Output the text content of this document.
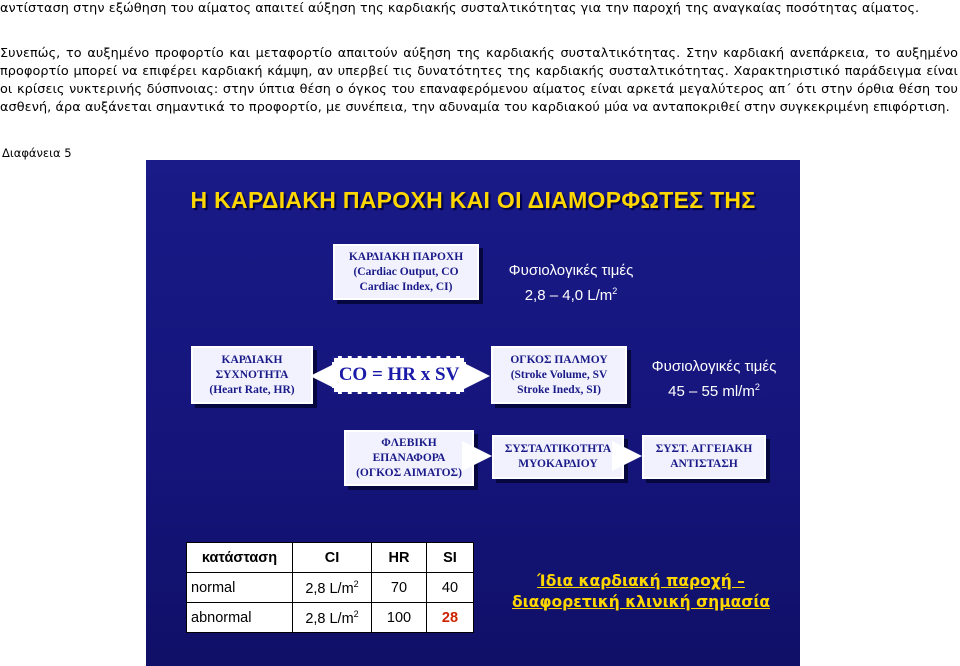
αντίσταση στην εξώθηση του αίματος απαιτεί αύξηση της καρδιακής συσταλτικότητας για την παροχή της αναγκαίας ποσότητας αίματος.

Συνεπώς, το αυξημένο προφορτίο και μεταφορτίο απαιτούν αύξηση της καρδιακής συσταλτικότητας. Στην καρδιακή ανεπάρκεια, το αυξημένο προφορτίο μπορεί να επιφέρει καρδιακή κάμψη, αν υπερβεί τις δυνατότητες της καρδιακής συσταλτικότητας. Χαρακτηριστικό παράδειγμα είναι οι κρίσεις νυκτερινής δύσπνοιας: στην ύπτια θέση ο όγκος του επαναφερόμενου αίματος είναι αρκετά μεγαλύτερος απ΄ ότι στην όρθια θέση του ασθενή, άρα αυξάνεται σημαντικά το προφορτίο, με συνέπεια, την αδυναμία του καρδιακού μύα να ανταποκριθεί στην συγκεκριμένη επιφόρτιση.

Διαφάνεια 5
Η ΚΑΡΔΙΑΚΗ ΠΑΡΟΧΗ ΚΑΙ ΟΙ ΔΙΑΜΟΡΦΩΤΕΣ ΤΗΣ
ΚΑΡΔΙΑΚΗ ΠΑΡΟΧΗ
(Cardiac Output, CO
Cardiac Index, CI)
Φυσιολογικές τιμές
2,8 – 4,0 $L/m^2$
ΚΑΡΔΙΑΚΗ
ΣΥΧΝΟΤΗΤΑ
(Heart Rate, HR)
CO = HR x SV
ΟΓΚΟΣ ΠΑΛΜΟΥ
(Stroke Volume, SV
Stroke Inedx, SI)
Φυσιολογικές τιμές
45 – 55 $ml/m^2$
ΦΛΕΒΙΚΗ
ΕΠΑΝΑΦΟΡΑ
(ΟΓΚΟΣ ΑΙΜΑΤΟΣ)
ΣΥΣΤΑΛΤΙΚΟΤΗΤΑ
ΜΥΟΚΑΡΔΙΟΥ
ΣΥΣΤ. ΑΓΓΕΙΑΚΗ
ΑΝΤΙΣΤΑΣΗ
κατάσταση	CI	HR	SI
normal	2,8 $L/m^2$	70	40
abnormal	2,8 $L/m^2$	100	28
Ίδια καρδιακή παροχή –
διαφορετική κλινική σημασία
